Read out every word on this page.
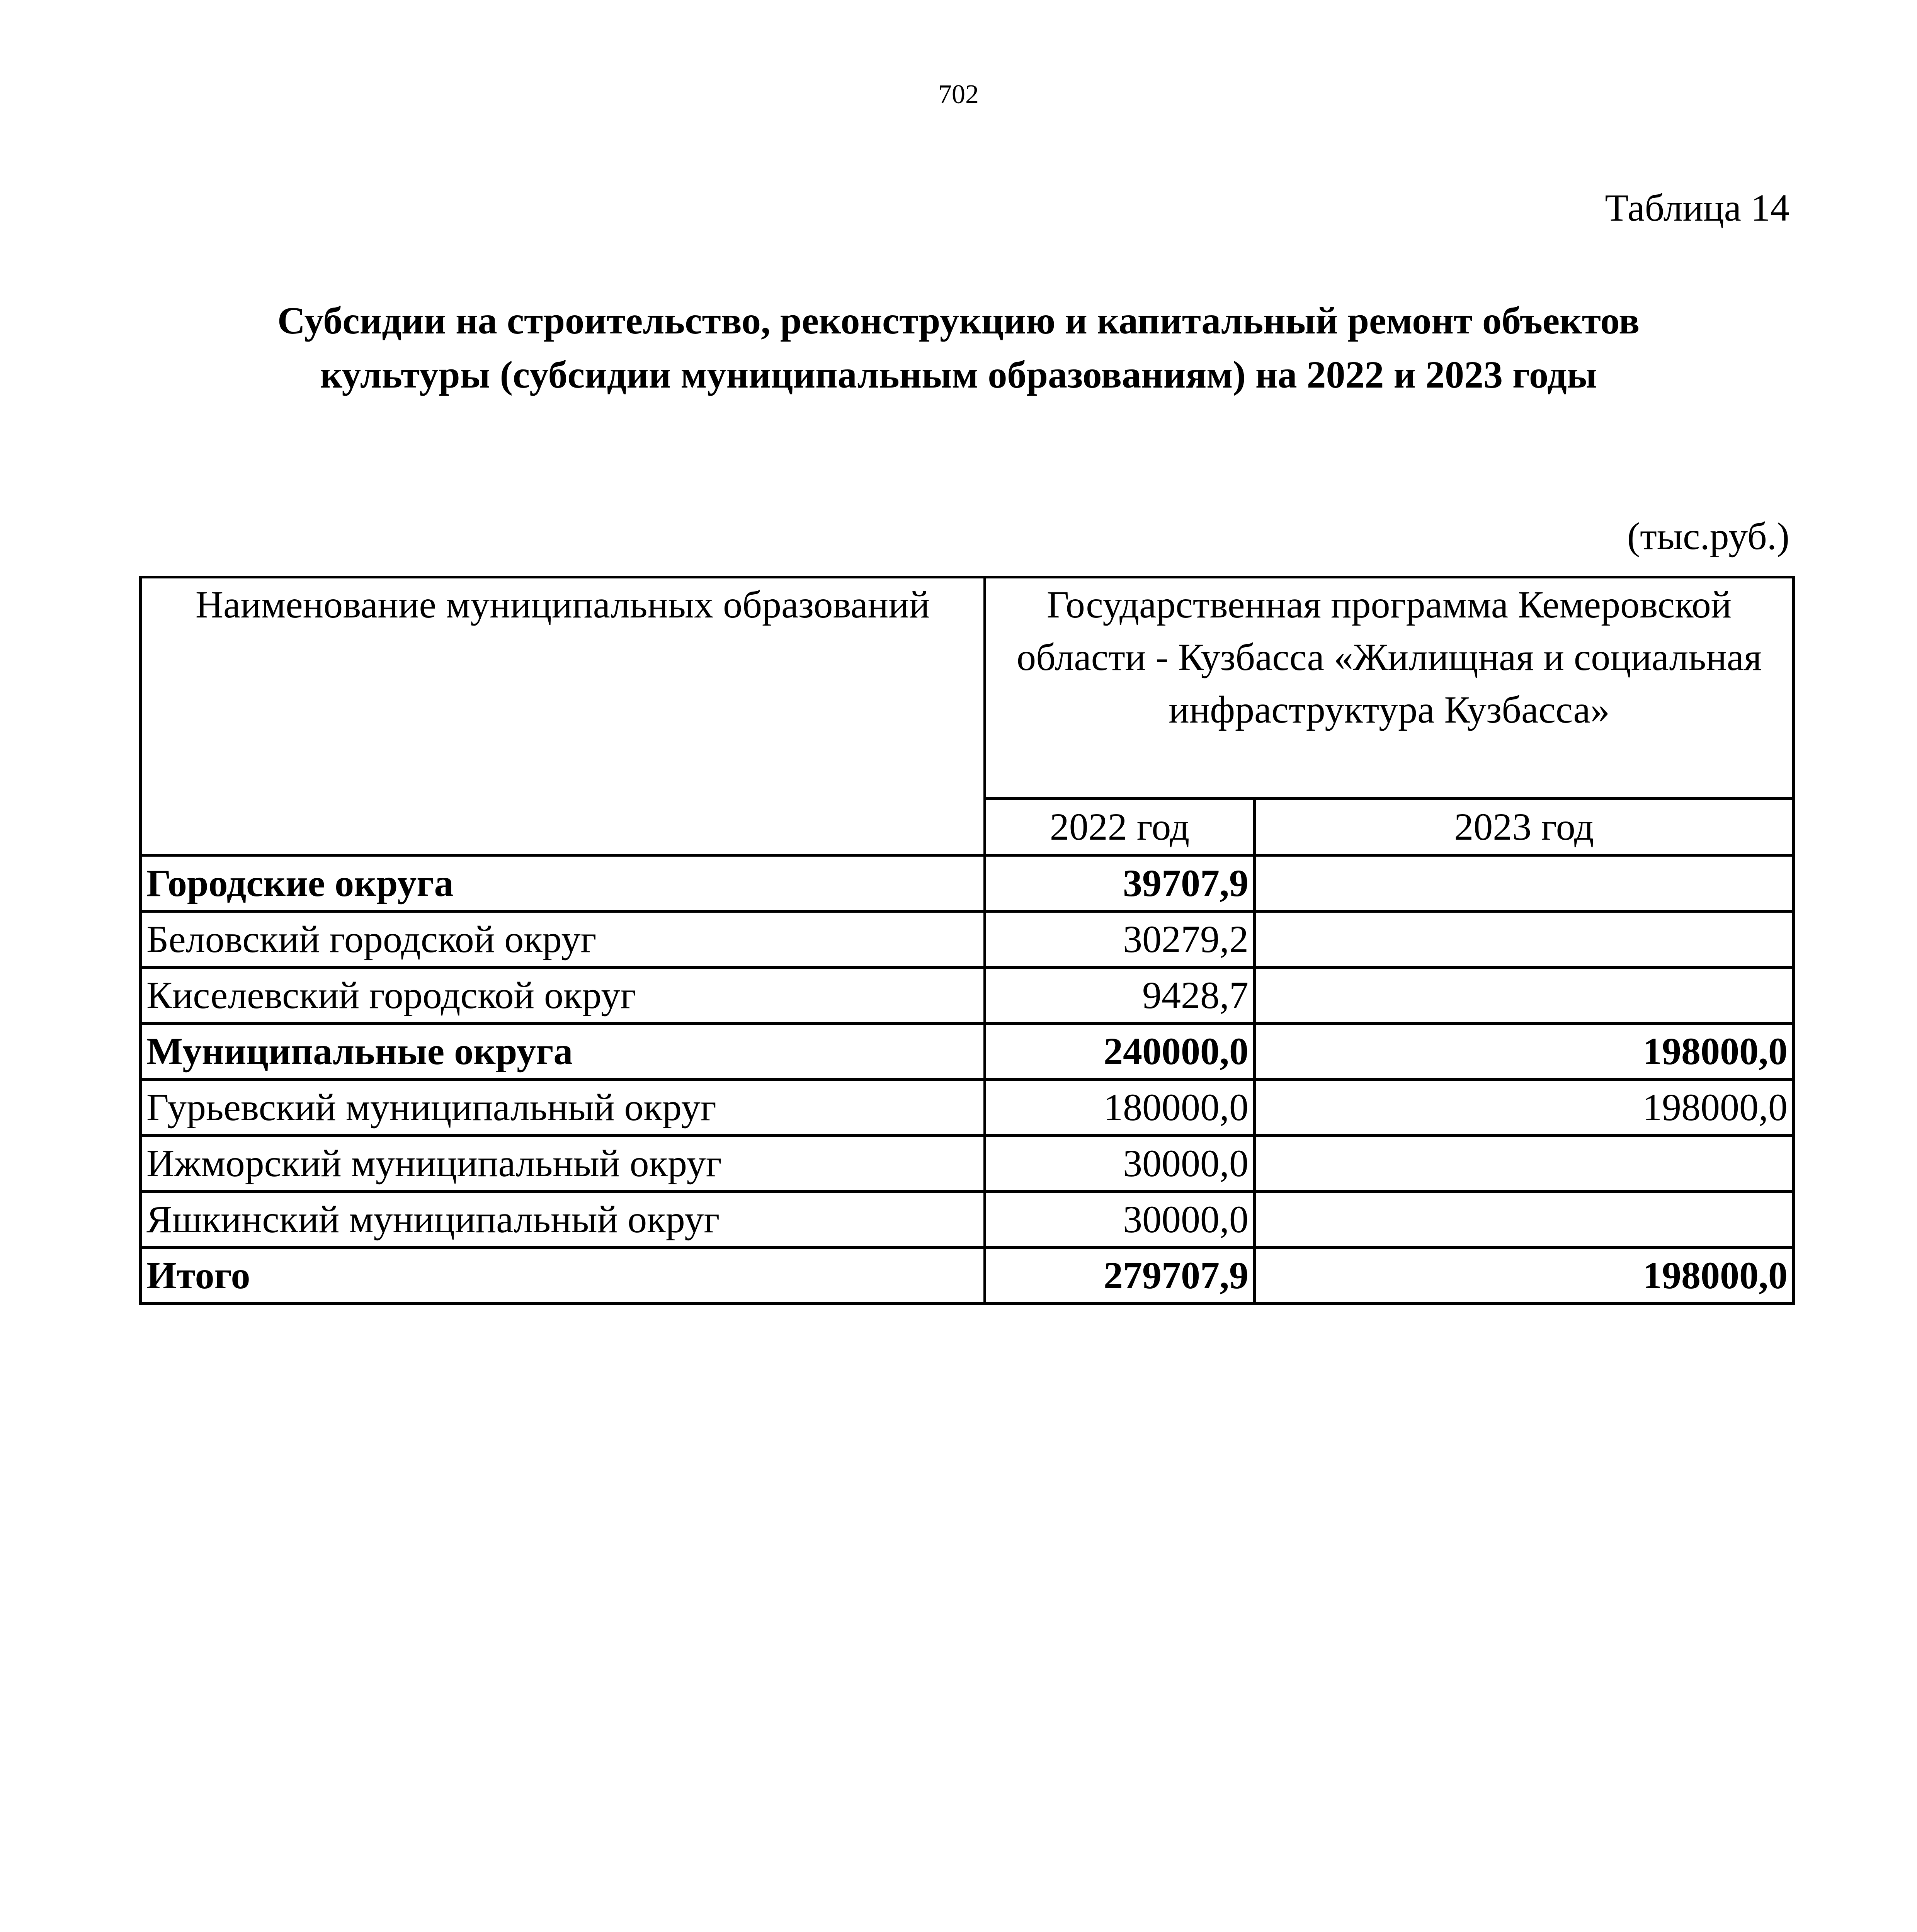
702
Таблица 14
Субсидии на строительство, реконструкцию и капитальный ремонт объектов
культуры (субсидии муниципальным образованиям) на 2022 и 2023 годы
(тыс.руб.)
Наименование муниципальных образований	Государственная программа Кемеровской области - Кузбасса «Жилищная и социальная инфраструктура Кузбасса»	
	2022 год	2023 год
Городские округа	39707,9	
Беловский городской округ	30279,2	
Киселевский городской округ	9428,7	
Муниципальные округа	240000,0	198000,0
Гурьевский муниципальный округ	180000,0	198000,0
Ижморский муниципальный округ	30000,0	
Яшкинский муниципальный округ	30000,0	
Итого	279707,9	198000,0
